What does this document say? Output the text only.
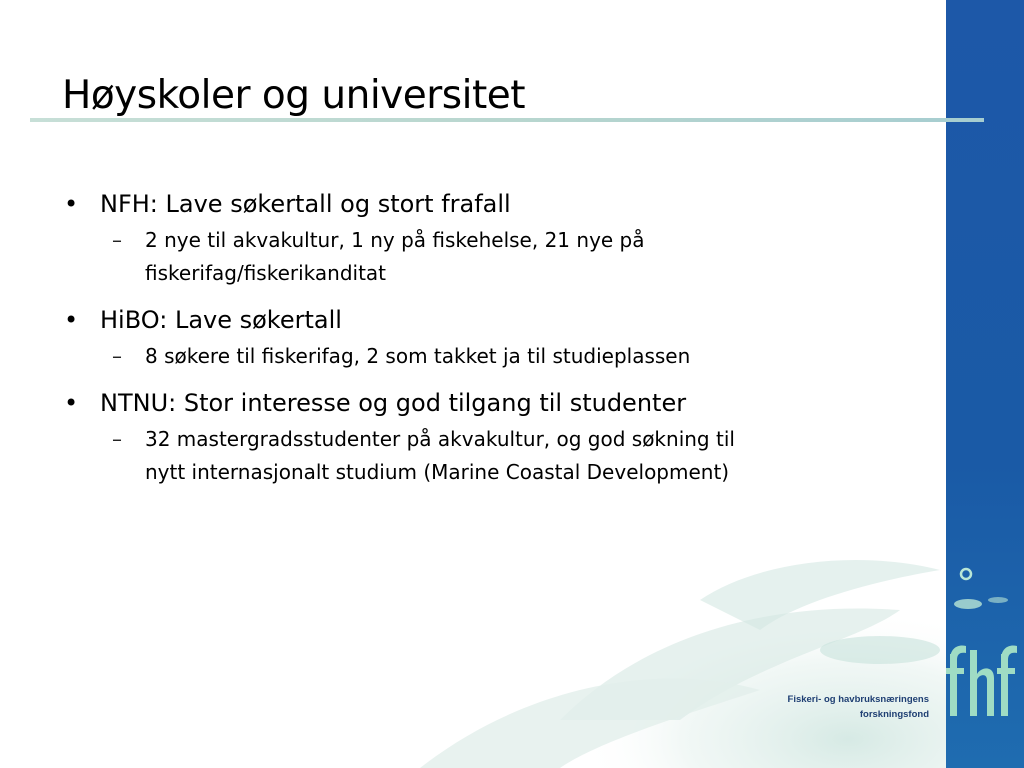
Høyskoler og universitet
• NFH: Lave søkertall og stort frafall
– 2 nye til akvakultur, 1 ny på fiskehelse, 21 nye på
fiskerifag/fiskerikanditat
• HiBO: Lave søkertall
– 8 søkere til fiskerifag, 2 som takket ja til studieplassen
• NTNU: Stor interesse og god tilgang til studenter
– 32 mastergradsstudenter på akvakultur, og god søkning til
nytt internasjonalt studium (Marine Coastal Development)
Fiskeri- og havbruksnæringens
forskningsfond
